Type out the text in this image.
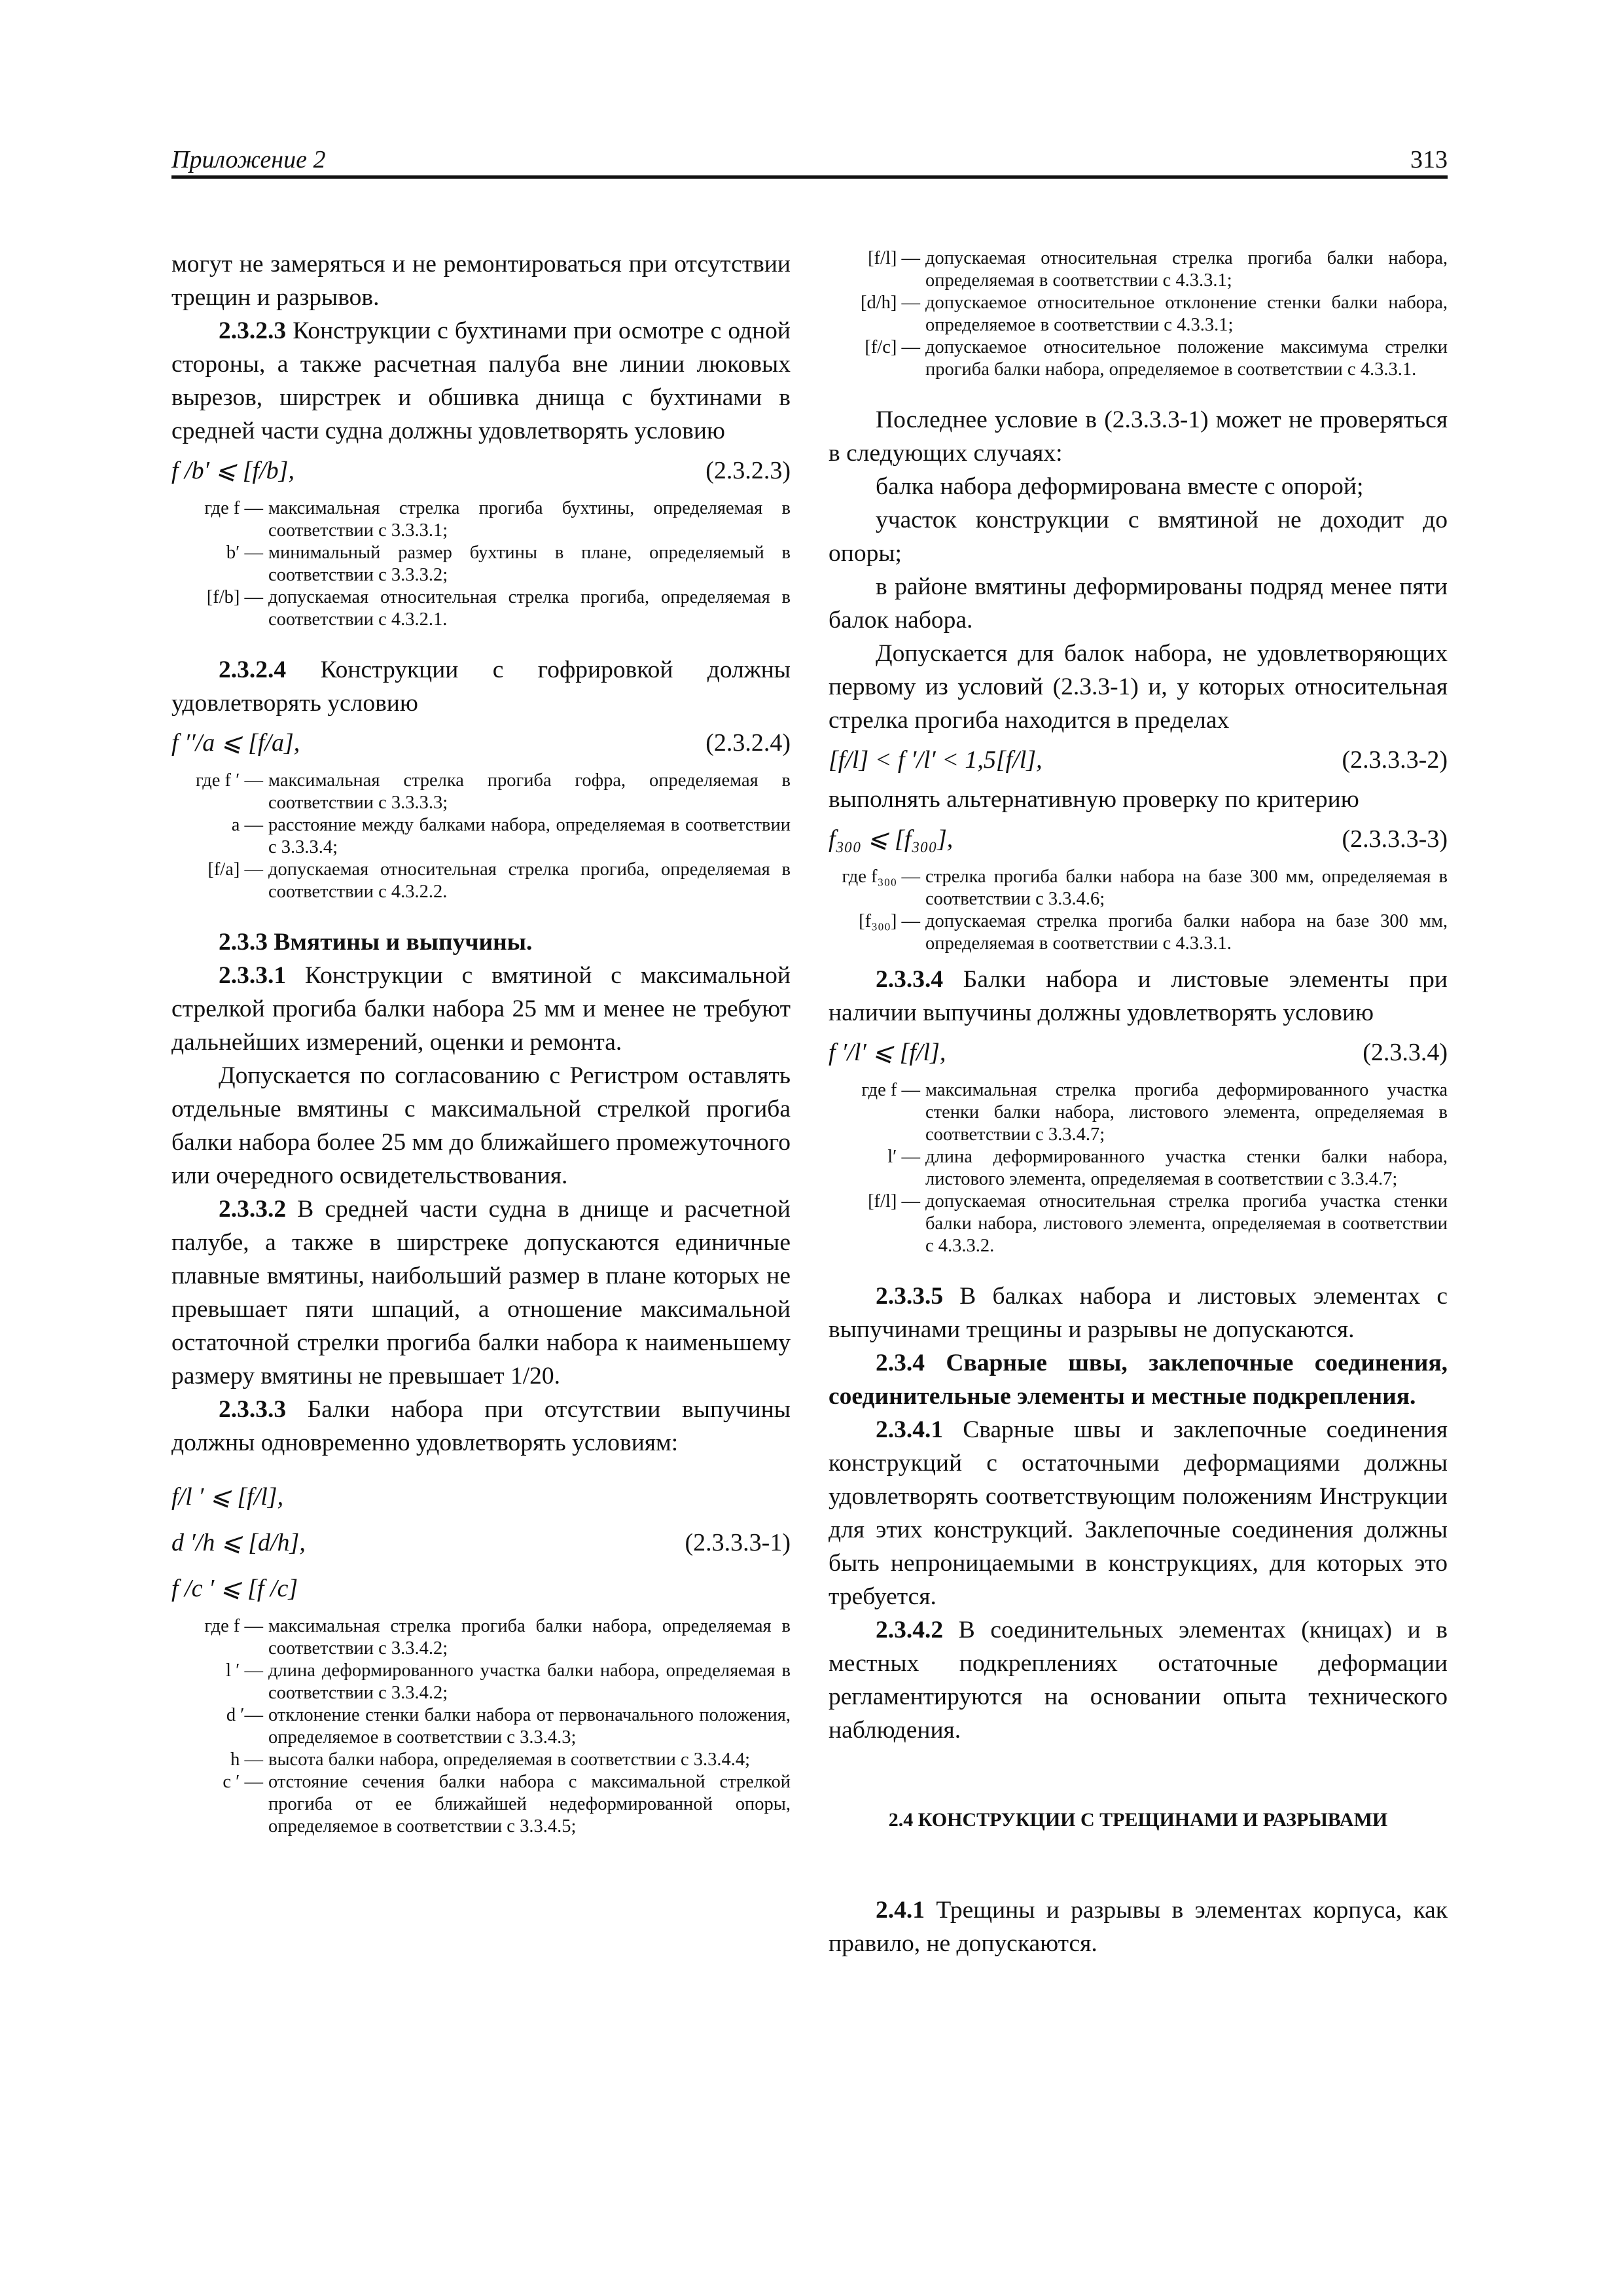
Приложение 2	313

могут не замеряться и не ремонтироваться при отсутствии трещин и разрывов.

2.3.2.3 Конструкции с бухтинами при осмотре с одной стороны, а также расчетная палуба вне линии люковых вырезов, ширстрек и обшивка днища с бухтинами в средней части судна должны удовлетворять условию

f /b′ ⩽ [f/b],	(2.3.2.3)
где f — максимальная стрелка прогиба бухтины, определяемая в соответствии с 3.3.3.1;
b′ — минимальный размер бухтины в плане, определяемый в соответствии с 3.3.3.2;
[f/b] — допускаемая относительная стрелка прогиба, определяемая в соответствии с 4.3.2.1.

2.3.2.4 Конструкции с гофрировкой должны удовлетворять условию

f ′′/a ⩽ [f/a],	(2.3.2.4)
где f ′ — максимальная стрелка прогиба гофра, определяемая в соответствии с 3.3.3.3;
a — расстояние между балками набора, определяемая в соответствии с 3.3.3.4;
[f/a] — допускаемая относительная стрелка прогиба, определяемая в соответствии с 4.3.2.2.

2.3.3 Вмятины и выпучины.

2.3.3.1 Конструкции с вмятиной с максимальной стрелкой прогиба балки набора 25 мм и менее не требуют дальнейших измерений, оценки и ремонта.

Допускается по согласованию с Регистром оставлять отдельные вмятины с максимальной стрелкой прогиба балки набора более 25 мм до ближайшего промежуточного или очередного освидетельствования.

2.3.3.2 В средней части судна в днище и расчетной палубе, а также в ширстреке допускаются единичные плавные вмятины, наибольший размер в плане которых не превышает пяти шпаций, а отношение максимальной остаточной стрелки прогиба балки набора к наименьшему размеру вмятины не превышает 1/20.

2.3.3.3 Балки набора при отсутствии выпучины должны одновременно удовлетворять условиям:

f/l ′ ⩽ [f/l],
d ′/h ⩽ [d/h],	(2.3.3.3-1)
f /c ′ ⩽ [f /c]
где f — максимальная стрелка прогиба балки набора, определяемая в соответствии с 3.3.4.2;
l ′ — длина деформированного участка балки набора, определяемая в соответствии с 3.3.4.2;
d ′— отклонение стенки балки набора от первоначального положения, определяемое в соответствии с 3.3.4.3;
h — высота балки набора, определяемая в соответствии с 3.3.4.4;
c ′ — отстояние сечения балки набора с максимальной стрелкой прогиба от ее ближайшей недеформированной опоры, определяемое в соответствии с 3.3.4.5;
[f/l] — допускаемая относительная стрелка прогиба балки набора, определяемая в соответствии с 4.3.3.1;
[d/h] — допускаемое относительное отклонение стенки балки набора, определяемое в соответствии с 4.3.3.1;
[f/c] — допускаемое относительное положение максимума стрелки прогиба балки набора, определяемое в соответствии с 4.3.3.1.

Последнее условие в (2.3.3.3-1) может не проверяться в следующих случаях:

балка набора деформирована вместе с опорой;

участок конструкции с вмятиной не доходит до опоры;

в районе вмятины деформированы подряд менее пяти балок набора.

Допускается для балок набора, не удовлетворяющих первому из условий (2.3.3-1) и, у которых относительная стрелка прогиба находится в пределах

[f/l] < f ′/l′ < 1,5[f/l],	(2.3.3.3-2)

выполнять альтернативную проверку по критерию

f₃₀₀ ⩽ [f₃₀₀],	(2.3.3.3-3)
где f₃₀₀ — стрелка прогиба балки набора на базе 300 мм, определяемая в соответствии с 3.3.4.6;
[f₃₀₀] — допускаемая стрелка прогиба балки набора на базе 300 мм, определяемая в соответствии с 4.3.3.1.

2.3.3.4 Балки набора и листовые элементы при наличии выпучины должны удовлетворять условию

f ′/l′ ⩽ [f/l],	(2.3.3.4)
где f — максимальная стрелка прогиба деформированного участка стенки балки набора, листового элемента, определяемая в соответствии с 3.3.4.7;
l′ — длина деформированного участка стенки балки набора, листового элемента, определяемая в соответствии с 3.3.4.7;
[f/l] — допускаемая относительная стрелка прогиба участка стенки балки набора, листового элемента, определяемая в соответствии с 4.3.3.2.

2.3.3.5 В балках набора и листовых элементах с выпучинами трещины и разрывы не допускаются.

2.3.4 Сварные швы, заклепочные соединения, соединительные элементы и местные подкрепления.

2.3.4.1 Сварные швы и заклепочные соединения конструкций с остаточными деформациями должны удовлетворять соответствующим положениям Инструкции для этих конструкций. Заклепочные соединения должны быть непроницаемыми в конструкциях, для которых это требуется.

2.3.4.2 В соединительных элементах (кницах) и в местных подкреплениях остаточные деформации регламентируются на основании опыта технического наблюдения.

2.4 КОНСТРУКЦИИ С ТРЕЩИНАМИ И РАЗРЫВАМИ

2.4.1 Трещины и разрывы в элементах корпуса, как правило, не допускаются.
